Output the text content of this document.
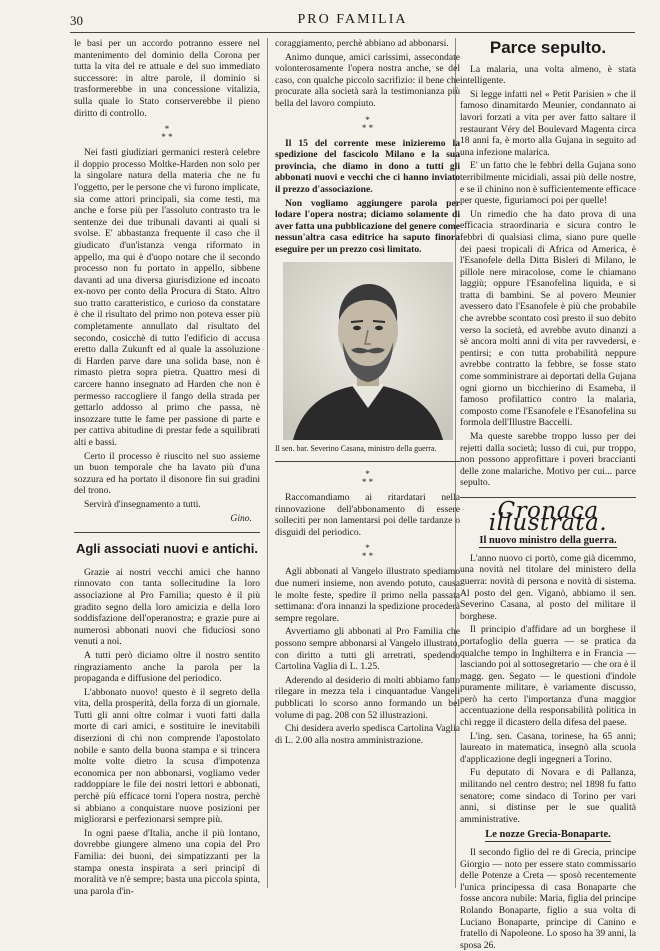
30	PRO FAMILIA

le basi per un accordo potranno essere nel mantenimento del dominio della Corona per tutta la vita del re attuale e del suo immediato successore: in altre parole, il dominio si trasformerebbe in una concessione vitalizia, sulla quale lo Stato conserverebbe il pieno diritto di controllo.

*
* *

Nei fasti giudiziari germanici resterà celebre il doppio processo Moltke-Harden non solo per la singolare natura della materia che ne fu l'oggetto, per le persone che vi furono implicate, sia come attori principali, sia come testi, ma anche e forse più per l'assoluto contrasto tra le sentenze dei due tribunali davanti ai quali si svolse. E' abbastanza frequente il caso che il giudicato d'un'istanza venga riformato in appello, ma qui è d'uopo notare che il secondo processo non fu portato in appello, sibbene davanti ad una diversa giurisdizione ed incoato ex-novo per conto della Procura di Stato. Altro suo tratto caratteristico, e curioso da constatare è che il risultato del primo non poteva esser più completamente annullato dal risultato del secondo, cosicchè di tutto l'edificio di accusa eretto dalla Zukunft ed al quale la assoluzione di Harden parve dare una solida base, non è rimasto pietra sopra pietra. Quattro mesi di carcere hanno insegnato ad Harden che non è permesso raccogliere il fango della strada per gettarlo addosso al primo che passa, nè insozzare tutte le fame per passione di parte e per cattiva abitudine di prestar fede a squilibrati alti e bassi.

Certo il processo è riuscito nel suo assieme un buon temporale che ha lavato più d'una sozzura ed ha portato il disonore fin sui gradini del trono.

Servirà d'insegnamento a tutti.

Gino.
Agli associati nuovi e antichi.

Grazie ai nostri vecchi amici che hanno rinnovato con tanta sollecitudine la loro associazione al Pro Familia; questo è il più gradito segno della loro amicizia e della loro soddisfazione dell'operanostra; e grazie pure ai numerosi abbonati nuovi che fiduciosi sono venuti a noi.

A tutti però diciamo oltre il nostro sentito ringraziamento anche la parola per la propaganda e diffusione del periodico.

L'abbonato nuovo! questo è il segreto della vita, della prosperità, della forza di un giornale. Tutti gli anni oltre colmar i vuoti fatti dalla morte di cari amici, e sostituire le inevitabili diserzioni di chi non comprende l'apostolato nobile e santo della buona stampa e si trincera molte volte dietro la scusa d'impotenza economica per non abbonarsi, vogliamo veder raddoppiare le file dei nostri lettori e abbonati, perchè più efficace torni l'opera nostra, perchè si abbiano a conquistare nuove posizioni per migliorarsi e perfezionarsi sempre più.

In ogni paese d'Italia, anche il più lontano, dovrebbe giungere almeno una copia del Pro Familia: dei buoni, dei simpatizzanti per la stampa onesta inspirata a seri principî di moralità ve n'è sempre; basta una piccola spinta, una parola d'in-

coraggiamento, perchè abbiano ad abbonarsi.

Animo dunque, amici carissimi, assecondate volonterosamente l'opera nostra anche, se del caso, con qualche piccolo sacrifizio: il bene che procurate alla società sarà la testimonianza più bella del lavoro compiuto.

*
* *

Il 15 del corrente mese inizieremo la spedizione del fascicolo Milano e la sua provincia, che diamo in dono a tutti gli abbonati nuovi e vecchi che ci hanno inviato il prezzo d'associazione.

Non vogliamo aggiungere parola per lodare l'opera nostra; diciamo solamente di aver fatta una pubblicazione del genere come nessun'altra casa editrice ha saputo finora eseguire per un prezzo così limitato.

Il sen. bar. Severino Casana, ministro della guerra.

*
* *

Raccomandiamo ai ritardatari nella rinnovazione dell'abbonamento di essere solleciti per non lamentarsi poi delle tardanze o disguidi del periodico.

*
* *

Agli abbonati al Vangelo illustrato spediamo due numeri insieme, non avendo potuto, causa le molte feste, spedire il primo nella passata settimana: d'ora innanzi la spedizione procederà sempre regolare.

Avvertiamo gli abbonati al Pro Familia che possono sempre abbonarsi al Vangelo illustrato, con diritto a tutti gli arretrati, spedendo Cartolina Vaglia di L. 1.25.

Aderendo al desiderio di molti abbiamo fatto rilegare in mezza tela i cinquantadue Vangeli pubblicati lo scorso anno formando un bel volume di pag. 208 con 52 illustrazioni.

Chi desidera averlo spedisca Cartolina Vaglia di L. 2.00 alla nostra amministrazione.

Parce sepulto.

La malaria, una volta almeno, è stata intelligente.

Si legge infatti nel « Petit Parisien » che il famoso dinamitardo Meunier, condannato ai lavori forzati a vita per aver fatto saltare il restaurant Véry del Boulevard Magenta circa 18 anni fa, è morto alla Gujana in seguito ad una infezione malarica.

E' un fatto che le febbri della Gujana sono terribilmente micidiali, assai più delle nostre, e se il chinino non è sufficientemente efficace per queste, figuriamoci poi per quelle!

Un rimedio che ha dato prova di una efficacia straordinaria e sicura contro le febbri di qualsiasi clima, siano pure quelle dei paesi tropicali di Africa od America, è l'Esanofele della Ditta Bisleri di Milano, le pillole nere miracolose, come le chiamano laggiù; oppure l'Esanofelina liquida, e si tratta di bambini. Se al povero Meunier avessero dato l'Esanofele è più che probabile che avrebbe scontato così presto il suo debito verso la società, ed avrebbe avuto dinanzi a sè ancora molti anni di vita per ravvedersi, e pentirsi; e con tutta probabilità neppure avrebbe contratto la febbre, se fosse stato come somministrare ai deportati della Gujana ogni giorno un bicchierino di Esameba, il famoso profilattico contro la malaria, composto come l'Esanofele e l'Esanofelina su formola dell'Illustre Baccelli.

Ma queste sarebbe troppo lusso per dei rejetti dalla società; lusso di cui, pur troppo, non possono approfittare i poveri braccianti delle zone malariche. Motivo per cui... parce sepulto.

Cronaca illustrata.
Il nuovo ministro della guerra.

L'anno nuovo ci portò, come già dicemmo, una novità nel titolare del ministero della guerra: novità di persona e novità di sistema. Al posto del gen. Viganò, abbiamo il sen. Severino Casana, al posto del militare il borghese.

Il principio d'affidare ad un borghese il portafoglio della guerra — se pratica da qualche tempo in Inghilterra e in Francia — lasciando poi al sottosegretario — che ora è il magg. gen. Segato — le questioni d'indole puramente militare, è variamente discusso, però ha certo l'importanza d'una maggior accentuazione della responsabilità politica in chi regge il dicastero della difesa del paese.

L'ing. sen. Casana, torinese, ha 65 anni; laureato in matematica, insegnò alla scuola d'applicazione degli ingegneri a Torino.

Fu deputato di Novara e di Pallanza, militando nel centro destro; nel 1898 fu fatto senatore; come sindaco di Torino per vari anni, si distinse per le sue qualità amministrative.

Le nozze Grecia-Bonaparte.

Il secondo figlio del re di Grecia, principe Giorgio — noto per essere stato commissario delle Potenze a Creta — sposò recentemente l'unica principessa di casa Bonaparte che fosse ancora nubile: Maria, figlia del principe Rolando Bonaparte, figlio a sua volta di Luciano Bonaparte, principe di Canino e fratello di Napoleone. Lo sposo ha 39 anni, la sposa 26.
